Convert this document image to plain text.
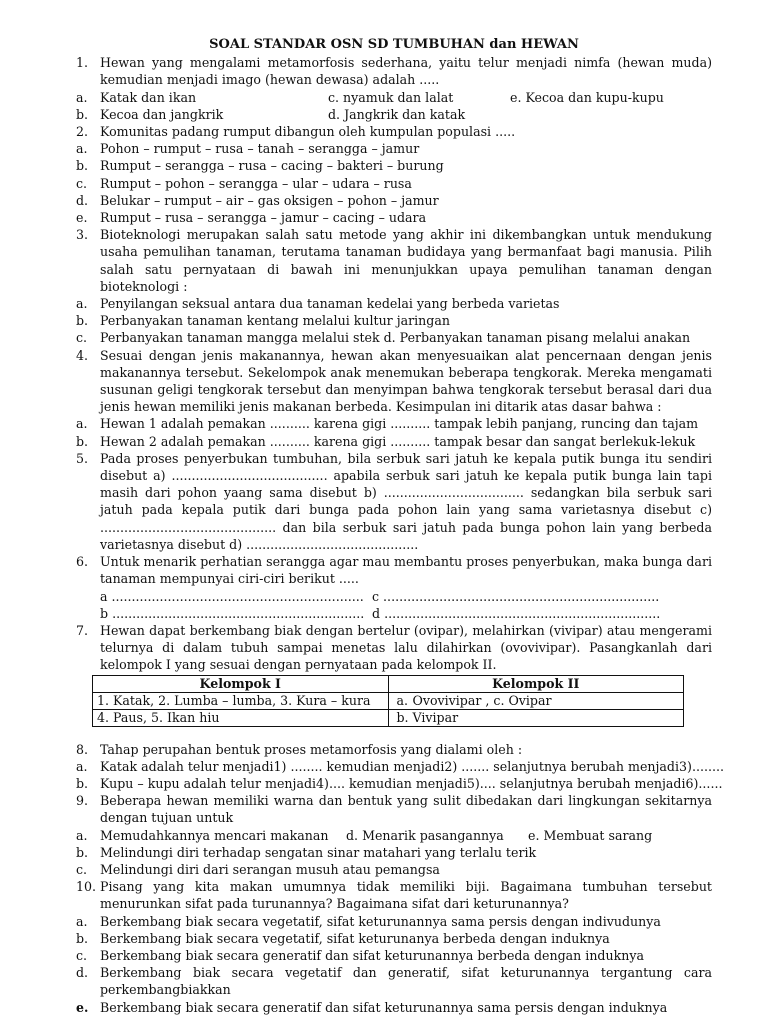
SOAL STANDAR OSN SD TUMBUHAN dan HEWAN
1. Hewan yang mengalami metamorfosis sederhana, yaitu telur menjadi nimfa (hewan muda) kemudian menjadi imago (hewan dewasa) adalah .....
a. Katak dan ikan	c. nyamuk dan lalat	e. Kecoa dan kupu-kupu
b. Kecoa dan jangkrik	d. Jangkrik dan katak
2. Komunitas padang rumput dibangun oleh kumpulan populasi .....
a. Pohon – rumput – rusa – tanah – serangga – jamur
b. Rumput – serangga – rusa – cacing – bakteri – burung
c. Rumput – pohon – serangga – ular – udara – rusa
d. Belukar – rumput – air – gas oksigen – pohon – jamur
e. Rumput – rusa – serangga – jamur – cacing – udara
3. Bioteknologi merupakan salah satu metode yang akhir ini dikembangkan untuk mendukung usaha pemulihan tanaman, terutama tanaman budidaya yang bermanfaat bagi manusia. Pilih salah satu pernyataan di bawah ini menunjukkan upaya pemulihan tanaman dengan bioteknologi :
a. Penyilangan seksual antara dua tanaman kedelai yang berbeda varietas
b. Perbanyakan tanaman kentang melalui kultur jaringan
c. Perbanyakan tanaman mangga melalui stek d. Perbanyakan tanaman pisang melalui anakan
4. Sesuai dengan jenis makanannya, hewan akan menyesuaikan alat pencernaan dengan jenis makanannya tersebut. Sekelompok anak menemukan beberapa tengkorak. Mereka mengamati susunan geligi tengkorak tersebut dan menyimpan bahwa tengkorak tersebut berasal dari dua jenis hewan memiliki jenis makanan berbeda. Kesimpulan ini ditarik atas dasar bahwa :
a. Hewan 1 adalah pemakan .......... karena gigi .......... tampak lebih panjang, runcing dan tajam
b. Hewan 2 adalah pemakan .......... karena gigi .......... tampak besar dan sangat berlekuk-lekuk
5. Pada proses penyerbukan tumbuhan, bila serbuk sari jatuh ke kepala putik bunga itu sendiri disebut a) ....................................... apabila serbuk sari jatuh ke kepala putik bunga lain tapi masih dari pohon yaang sama disebut b) ................................... sedangkan bila serbuk sari jatuh pada kepala putik dari bunga pada pohon lain yang sama varietasnya disebut c) ............................................ dan bila serbuk sari jatuh pada bunga pohon lain yang berbeda varietasnya disebut d) ...........................................
6. Untuk menarik perhatian serangga agar mau membantu proses penyerbukan, maka bunga dari tanaman mempunyai ciri-ciri berikut .....
a ............................................................... c .....................................................................
b ............................................................... d .....................................................................
7. Hewan dapat berkembang biak dengan bertelur (ovipar), melahirkan (vivipar) atau mengerami telurnya di dalam tubuh sampai menetas lalu dilahirkan (ovovivipar). Pasangkanlah dari kelompok I yang sesuai dengan pernyataan pada kelompok II.
Kelompok I	Kelompok II
1. Katak, 2. Lumba – lumba, 3. Kura – kura	a. Ovovivipar , c. Ovipar
4. Paus, 5. Ikan hiu	b. Vivipar
8. Tahap perupahan bentuk proses metamorfosis yang dialami oleh :
a. Katak adalah telur menjadi1) ........ kemudian menjadi2) ....... selanjutnya berubah menjadi3)........
b. Kupu – kupu adalah telur menjadi4).... kemudian menjadi5).... selanjutnya berubah menjadi6)......
9. Beberapa hewan memiliki warna dan bentuk yang sulit dibedakan dari lingkungan sekitarnya dengan tujuan untuk
a. Memudahkannya mencari makanan	d. Menarik pasangannya	e. Membuat sarang
b. Melindungi diri terhadap sengatan sinar matahari yang terlalu terik
c. Melindungi diri dari serangan musuh atau pemangsa
10. Pisang yang kita makan umumnya tidak memiliki biji. Bagaimana tumbuhan tersebut menurunkan sifat pada turunannya? Bagaimana sifat dari keturunannya?
a. Berkembang biak secara vegetatif, sifat keturunannya sama persis dengan indivudunya
b. Berkembang biak secara vegetatif, sifat keturunanya berbeda dengan induknya
c. Berkembang biak secara generatif dan sifat keturunannya berbeda dengan induknya
d. Berkembang biak secara vegetatif dan generatif, sifat keturunannya tergantung cara perkembangbiakkan
e. Berkembang biak secara generatif dan sifat keturunannya sama persis dengan induknya
